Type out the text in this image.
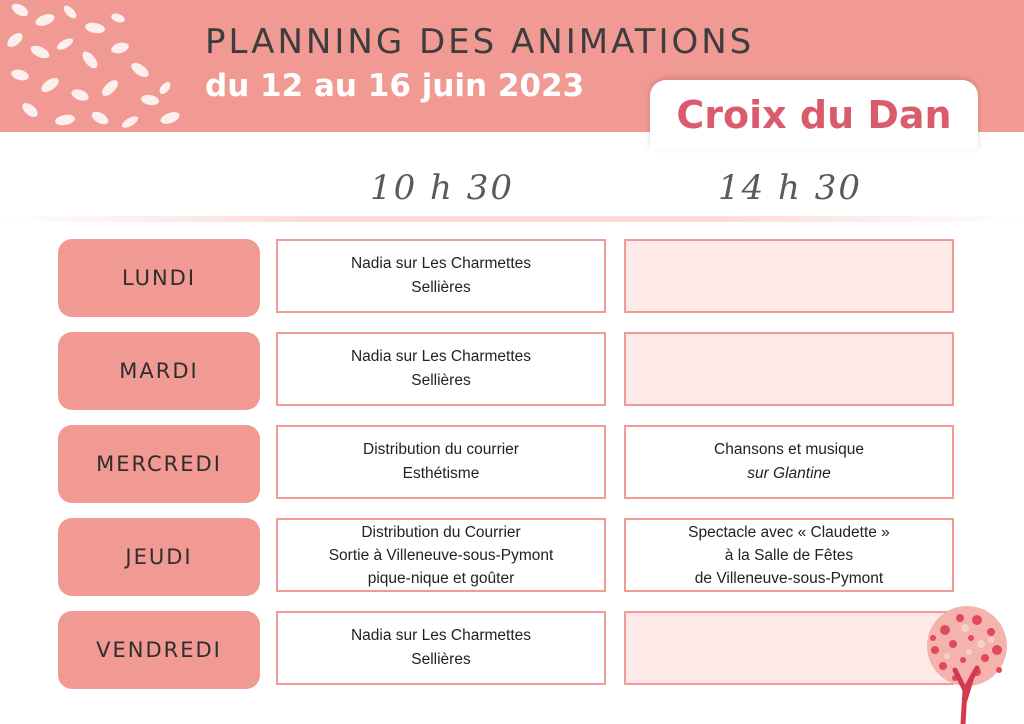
PLANNING DES ANIMATIONS
du 12 au 16 juin 2023
Croix du Dan
10 h 30	14 h 30
LUNDI
Nadia sur Les Charmettes
Sellières
MARDI
Nadia sur Les Charmettes
Sellières
MERCREDI
Distribution du courrier
Esthétisme
Chansons et musique
sur Glantine
JEUDI
Distribution du Courrier
Sortie à Villeneuve-sous-Pymont
pique-nique et goûter
Spectacle avec « Claudette »
à la Salle de Fêtes
de Villeneuve-sous-Pymont
VENDREDI
Nadia sur Les Charmettes
Sellières
